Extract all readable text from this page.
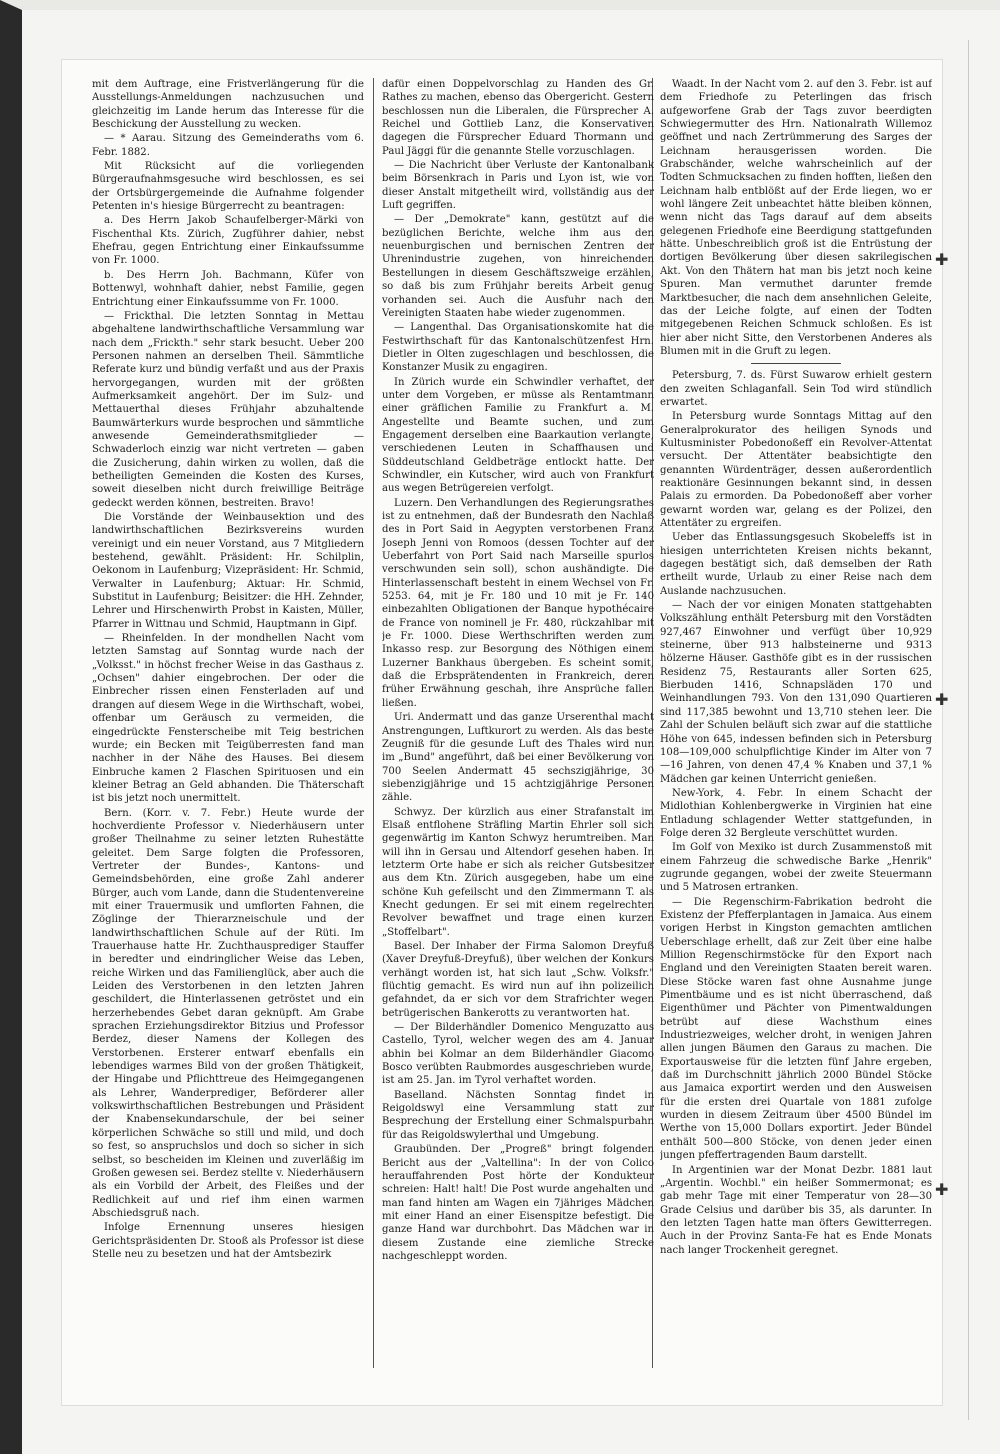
mit dem Auftrage, eine Fristverlängerung für die Ausstellungs-Anmeldungen nachzusuchen und gleichzeitig im Lande herum das Interesse für die Beschickung der Ausstellung zu wecken.

— * Aarau. Sitzung des Gemeinderaths vom 6. Febr. 1882.

Mit Rücksicht auf die vorliegenden Bürgeraufnahmsgesuche wird beschlossen, es sei der Ortsbürgergemeinde die Aufnahme folgender Petenten in's hiesige Bürgerrecht zu beantragen:

a. Des Herrn Jakob Schaufelberger-Märki von Fischenthal Kts. Zürich, Zugführer dahier, nebst Ehefrau, gegen Entrichtung einer Einkaufssumme von Fr. 1000.

b. Des Herrn Joh. Bachmann, Küfer von Bottenwyl, wohnhaft dahier, nebst Familie, gegen Entrichtung einer Einkaufssumme von Fr. 1000.

— Frickthal. Die letzten Sonntag in Mettau abgehaltene landwirthschaftliche Versammlung war nach dem „Frickth." sehr stark besucht. Ueber 200 Personen nahmen an derselben Theil. Sämmtliche Referate kurz und bündig verfaßt und aus der Praxis hervorgegangen, wurden mit der größten Aufmerksamkeit angehört. Der im Sulz- und Mettauerthal dieses Frühjahr abzuhaltende Baumwärterkurs wurde besprochen und sämmtliche anwesende Gemeinderathsmitglieder — Schwaderloch einzig war nicht vertreten — gaben die Zusicherung, dahin wirken zu wollen, daß die betheiligten Gemeinden die Kosten des Kurses, soweit dieselben nicht durch freiwillige Beiträge gedeckt werden können, bestreiten. Bravo!

Die Vorstände der Weinbausektion und des landwirthschaftlichen Bezirksvereins wurden vereinigt und ein neuer Vorstand, aus 7 Mitgliedern bestehend, gewählt. Präsident: Hr. Schilplin, Oekonom in Laufenburg; Vizepräsident: Hr. Schmid, Verwalter in Laufenburg; Aktuar: Hr. Schmid, Substitut in Laufenburg; Beisitzer: die HH. Zehnder, Lehrer und Hirschenwirth Probst in Kaisten, Müller, Pfarrer in Wittnau und Schmid, Hauptmann in Gipf.

— Rheinfelden. In der mondhellen Nacht vom letzten Samstag auf Sonntag wurde nach der „Volksst." in höchst frecher Weise in das Gasthaus z. „Ochsen" dahier eingebrochen. Der oder die Einbrecher rissen einen Fensterladen auf und drangen auf diesem Wege in die Wirthschaft, wobei, offenbar um Geräusch zu vermeiden, die eingedrückte Fensterscheibe mit Teig bestrichen wurde; ein Becken mit Teigüberresten fand man nachher in der Nähe des Hauses. Bei diesem Einbruche kamen 2 Flaschen Spirituosen und ein kleiner Betrag an Geld abhanden. Die Thäterschaft ist bis jetzt noch unermittelt.

Bern. (Korr. v. 7. Febr.) Heute wurde der hochverdiente Professor v. Niederhäusern unter großer Theilnahme zu seiner letzten Ruhestätte geleitet. Dem Sarge folgten die Professoren, Vertreter der Bundes-, Kantons- und Gemeindsbehörden, eine große Zahl anderer Bürger, auch vom Lande, dann die Studentenvereine mit einer Trauermusik und umflorten Fahnen, die Zöglinge der Thierarzneischule und der landwirthschaftlichen Schule auf der Rüti. Im Trauerhause hatte Hr. Zuchthausprediger Stauffer in beredter und eindringlicher Weise das Leben, reiche Wirken und das Familienglück, aber auch die Leiden des Verstorbenen in den letzten Jahren geschildert, die Hinterlassenen getröstet und ein herzerhebendes Gebet daran geknüpft. Am Grabe sprachen Erziehungsdirektor Bitzius und Professor Berdez, dieser Namens der Kollegen des Verstorbenen. Ersterer entwarf ebenfalls ein lebendiges warmes Bild von der großen Thätigkeit, der Hingabe und Pflichttreue des Heimgegangenen als Lehrer, Wanderprediger, Beförderer aller volkswirthschaftlichen Bestrebungen und Präsident der Knabensekundarschule, der bei seiner körperlichen Schwäche so still und mild, und doch so fest, so anspruchslos und doch so sicher in sich selbst, so bescheiden im Kleinen und zuverläßig im Großen gewesen sei. Berdez stellte v. Niederhäusern als ein Vorbild der Arbeit, des Fleißes und der Redlichkeit auf und rief ihm einen warmen Abschiedsgruß nach.

Infolge Ernennung unseres hiesigen Gerichtspräsidenten Dr. Stooß als Professor ist diese Stelle neu zu besetzen und hat der Amtsbezirk

dafür einen Doppelvorschlag zu Handen des Gr. Rathes zu machen, ebenso das Obergericht. Gestern beschlossen nun die Liberalen, die Fürsprecher A. Reichel und Gottlieb Lanz, die Konservativen dagegen die Fürsprecher Eduard Thormann und Paul Jäggi für die genannte Stelle vorzuschlagen.

— Die Nachricht über Verluste der Kantonalbank beim Börsenkrach in Paris und Lyon ist, wie von dieser Anstalt mitgetheilt wird, vollständig aus der Luft gegriffen.

— Der „Demokrate" kann, gestützt auf die bezüglichen Berichte, welche ihm aus den neuenburgischen und bernischen Zentren der Uhrenindustrie zugehen, von hinreichenden Bestellungen in diesem Geschäftszweige erzählen, so daß bis zum Frühjahr bereits Arbeit genug vorhanden sei. Auch die Ausfuhr nach den Vereinigten Staaten habe wieder zugenommen.

— Langenthal. Das Organisationskomite hat die Festwirthschaft für das Kantonalschützenfest Hrn. Dietler in Olten zugeschlagen und beschlossen, die Konstanzer Musik zu engagiren.

In Zürich wurde ein Schwindler verhaftet, der unter dem Vorgeben, er müsse als Rentamtmann einer gräflichen Familie zu Frankfurt a. M. Angestellte und Beamte suchen, und zum Engagement derselben eine Baarkaution verlangte, verschiedenen Leuten in Schaffhausen und Süddeutschland Geldbeträge entlockt hatte. Der Schwindler, ein Kutscher, wird auch von Frankfurt aus wegen Betrügereien verfolgt.

Luzern. Den Verhandlungen des Regierungsrathes ist zu entnehmen, daß der Bundesrath den Nachlaß des in Port Said in Aegypten verstorbenen Franz Joseph Jenni von Romoos (dessen Tochter auf der Ueberfahrt von Port Said nach Marseille spurlos verschwunden sein soll), schon aushändigte. Die Hinterlassenschaft besteht in einem Wechsel von Fr. 5253. 64, mit je Fr. 180 und 10 mit je Fr. 140 einbezahlten Obligationen der Banque hypothécaire de France von nominell je Fr. 480, rückzahlbar mit je Fr. 1000. Diese Werthschriften werden zum Inkasso resp. zur Besorgung des Nöthigen einem Luzerner Bankhaus übergeben. Es scheint somit, daß die Erbsprätendenten in Frankreich, deren früher Erwähnung geschah, ihre Ansprüche fallen ließen.

Uri. Andermatt und das ganze Urserenthal macht Anstrengungen, Luftkurort zu werden. Als das beste Zeugniß für die gesunde Luft des Thales wird nun im „Bund" angeführt, daß bei einer Bevölkerung von 700 Seelen Andermatt 45 sechszigjährige, 30 siebenzigjährige und 15 achtzigjährige Personen zähle.

Schwyz. Der kürzlich aus einer Strafanstalt im Elsaß entflohene Sträfling Martin Ehrler soll sich gegenwärtig im Kanton Schwyz herumtreiben. Man will ihn in Gersau und Altendorf gesehen haben. In letzterm Orte habe er sich als reicher Gutsbesitzer aus dem Ktn. Zürich ausgegeben, habe um eine schöne Kuh gefeilscht und den Zimmermann T. als Knecht gedungen. Er sei mit einem regelrechten Revolver bewaffnet und trage einen kurzen „Stoffelbart".

Basel. Der Inhaber der Firma Salomon Dreyfuß (Xaver Dreyfuß-Dreyfuß), über welchen der Konkurs verhängt worden ist, hat sich laut „Schw. Volksfr." flüchtig gemacht. Es wird nun auf ihn polizeilich gefahndet, da er sich vor dem Strafrichter wegen betrügerischen Bankerotts zu verantworten hat.

— Der Bilderhändler Domenico Menguzatto aus Castello, Tyrol, welcher wegen des am 4. Januar abhin bei Kolmar an dem Bilderhändler Giacomo Bosco verübten Raubmordes ausgeschrieben wurde, ist am 25. Jan. im Tyrol verhaftet worden.

Baselland. Nächsten Sonntag findet in Reigoldswyl eine Versammlung statt zur Besprechung der Erstellung einer Schmalspurbahn für das Reigoldswylerthal und Umgebung.

Graubünden. Der „Progreß" bringt folgenden Bericht aus der „Valtellina": In der von Colico herauffahrenden Post hörte der Kondukteur schreien: Halt! halt! Die Post wurde angehalten und man fand hinten am Wagen ein 7jähriges Mädchen mit einer Hand an einer Eisenspitze befestigt. Die ganze Hand war durchbohrt. Das Mädchen war in diesem Zustande eine ziemliche Strecke nachgeschleppt worden.

Waadt. In der Nacht vom 2. auf den 3. Febr. ist auf dem Friedhofe zu Peterlingen das frisch aufgeworfene Grab der Tags zuvor beerdigten Schwiegermutter des Hrn. Nationalrath Willemoz geöffnet und nach Zertrümmerung des Sarges der Leichnam herausgerissen worden. Die Grabschänder, welche wahrscheinlich auf der Todten Schmucksachen zu finden hofften, ließen den Leichnam halb entblößt auf der Erde liegen, wo er wohl längere Zeit unbeachtet hätte bleiben können, wenn nicht das Tags darauf auf dem abseits gelegenen Friedhofe eine Beerdigung stattgefunden hätte. Unbeschreiblich groß ist die Entrüstung der dortigen Bevölkerung über diesen sakrilegischen Akt. Von den Thätern hat man bis jetzt noch keine Spuren. Man vermuthet darunter fremde Marktbesucher, die nach dem ansehnlichen Geleite, das der Leiche folgte, auf einen der Todten mitgegebenen Reichen Schmuck schloßen. Es ist hier aber nicht Sitte, den Verstorbenen Anderes als Blumen mit in die Gruft zu legen.

Petersburg, 7. ds. Fürst Suwarow erhielt gestern den zweiten Schlaganfall. Sein Tod wird stündlich erwartet.

In Petersburg wurde Sonntags Mittag auf den Generalprokurator des heiligen Synods und Kultusminister Pobedonoßeff ein Revolver-Attentat versucht. Der Attentäter beabsichtigte den genannten Würdenträger, dessen außerordentlich reaktionäre Gesinnungen bekannt sind, in dessen Palais zu ermorden. Da Pobedonoßeff aber vorher gewarnt worden war, gelang es der Polizei, den Attentäter zu ergreifen.

Ueber das Entlassungsgesuch Skobeleffs ist in hiesigen unterrichteten Kreisen nichts bekannt, dagegen bestätigt sich, daß demselben der Rath ertheilt wurde, Urlaub zu einer Reise nach dem Auslande nachzusuchen.

— Nach der vor einigen Monaten stattgehabten Volkszählung enthält Petersburg mit den Vorstädten 927,467 Einwohner und verfügt über 10,929 steinerne, über 913 halbsteinerne und 9313 hölzerne Häuser. Gasthöfe gibt es in der russischen Residenz 75, Restaurants aller Sorten 625, Bierbuden 1416, Schnapsläden 170 und Weinhandlungen 793. Von den 131,090 Quartieren sind 117,385 bewohnt und 13,710 stehen leer. Die Zahl der Schulen beläuft sich zwar auf die stattliche Höhe von 645, indessen befinden sich in Petersburg 108—109,000 schulpflichtige Kinder im Alter von 7—16 Jahren, von denen 47,4 % Knaben und 37,1 % Mädchen gar keinen Unterricht genießen.

New-York, 4. Febr. In einem Schacht der Midlothian Kohlenbergwerke in Virginien hat eine Entladung schlagender Wetter stattgefunden, in Folge deren 32 Bergleute verschüttet wurden.

Im Golf von Mexiko ist durch Zusammenstoß mit einem Fahrzeug die schwedische Barke „Henrik" zugrunde gegangen, wobei der zweite Steuermann und 5 Matrosen ertranken.

— Die Regenschirm-Fabrikation bedroht die Existenz der Pfefferplantagen in Jamaica. Aus einem vorigen Herbst in Kingston gemachten amtlichen Ueberschlage erhellt, daß zur Zeit über eine halbe Million Regenschirmstöcke für den Export nach England und den Vereinigten Staaten bereit waren. Diese Stöcke waren fast ohne Ausnahme junge Pimentbäume und es ist nicht überraschend, daß Eigenthümer und Pächter von Pimentwaldungen betrübt auf diese Wachsthum eines Industriezweiges, welcher droht, in wenigen Jahren allen jungen Bäumen den Garaus zu machen. Die Exportausweise für die letzten fünf Jahre ergeben, daß im Durchschnitt jährlich 2000 Bündel Stöcke aus Jamaica exportirt werden und den Ausweisen für die ersten drei Quartale von 1881 zufolge wurden in diesem Zeitraum über 4500 Bündel im Werthe von 15,000 Dollars exportirt. Jeder Bündel enthält 500—800 Stöcke, von denen jeder einen jungen pfeffertragenden Baum darstellt.

In Argentinien war der Monat Dezbr. 1881 laut „Argentin. Wochbl." ein heißer Sommermonat; es gab mehr Tage mit einer Temperatur von 28—30 Grade Celsius und darüber bis 35, als darunter. In den letzten Tagen hatte man öfters Gewitterregen. Auch in der Provinz Santa-Fe hat es Ende Monats nach langer Trockenheit geregnet.

✚
✚
✚
